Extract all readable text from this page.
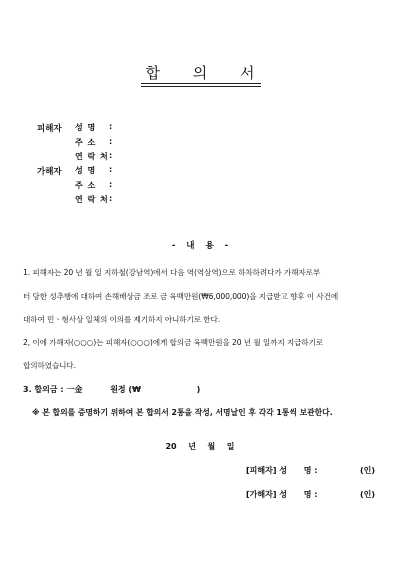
합 의 서
피해자 성 명 :
주 소 :
연 락 처 :
가해자 성 명 :
주 소 :
연 락 처 :
- 내 용 -
1. 피해자는 20 년 월 일 지하철(강남역)에서 다음 역(역삼역)으로 하차하려다가 가해자로부
터 당한 성추행에 대하여 손해배상금 조로 금 육백만원(₩6,000,000)을 지급받고 향후 이 사건에
대하여 민ㆍ형사상 일체의 이의를 제기하지 아니하기로 한다.
2, 이에 가해자(○○○)는 피해자(○○○)에게 합의금 육백만원을 20 년 월 일까지 지급하기로
합의하였습니다.
3. 합의금 : 一金          원정 (₩                    )
※ 본 합의를 증명하기 위하여 본 합의서 2통을 작성, 서명날인 후 각각 1통씩 보관한다.
20  년  월  일
[피해자] 성      명 :	(인)
[가해자] 성      명 :	(인)
